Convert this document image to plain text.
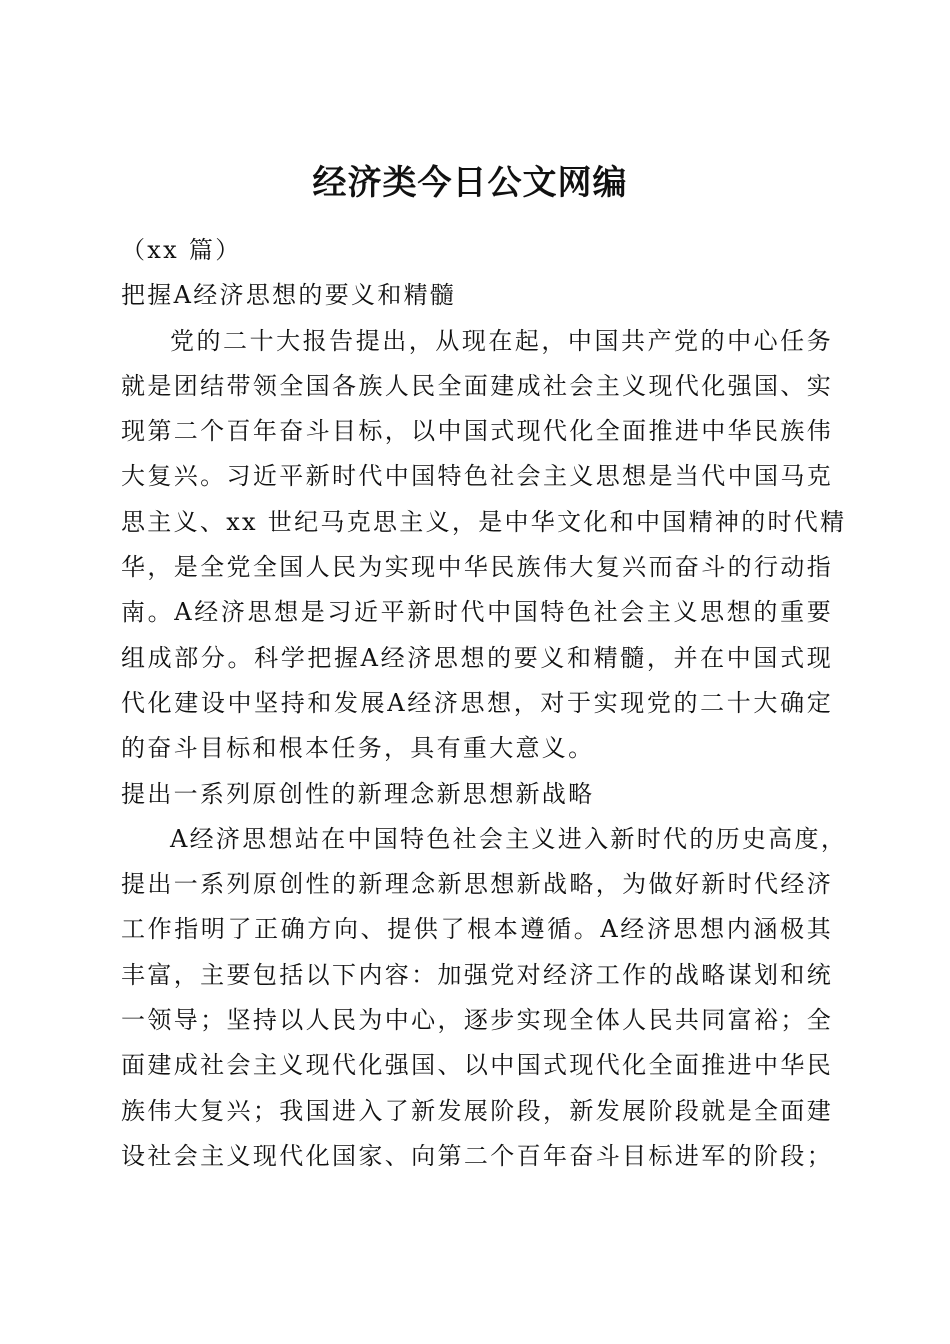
经济类今日公文网编

（xx 篇）

把握A经济思想的要义和精髓

党的二十大报告提出，从现在起，中国共产党的中心任务
就是团结带领全国各族人民全面建成社会主义现代化强国、实
现第二个百年奋斗目标，以中国式现代化全面推进中华民族伟
大复兴。习近平新时代中国特色社会主义思想是当代中国马克
思主义、xx 世纪马克思主义，是中华文化和中国精神的时代精
华，是全党全国人民为实现中华民族伟大复兴而奋斗的行动指
南。A经济思想是习近平新时代中国特色社会主义思想的重要
组成部分。科学把握A经济思想的要义和精髓，并在中国式现
代化建设中坚持和发展A经济思想，对于实现党的二十大确定
的奋斗目标和根本任务，具有重大意义。

提出一系列原创性的新理念新思想新战略

A经济思想站在中国特色社会主义进入新时代的历史高度，
提出一系列原创性的新理念新思想新战略，为做好新时代经济
工作指明了正确方向、提供了根本遵循。A经济思想内涵极其
丰富，主要包括以下内容：加强党对经济工作的战略谋划和统
一领导；坚持以人民为中心，逐步实现全体人民共同富裕；全
面建成社会主义现代化强国、以中国式现代化全面推进中华民
族伟大复兴；我国进入了新发展阶段，新发展阶段就是全面建
设社会主义现代化国家、向第二个百年奋斗目标进军的阶段；
